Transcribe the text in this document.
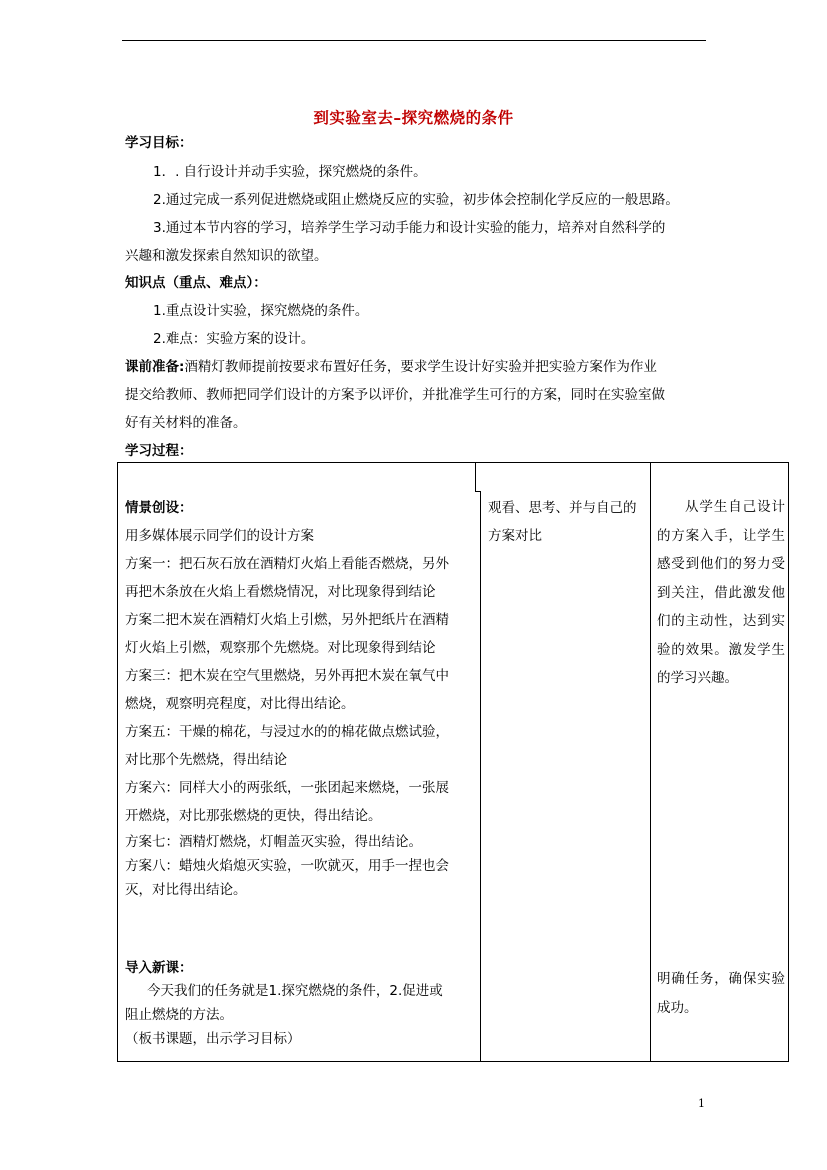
到实验室去–探究燃烧的条件
学习目标：
1．. 自行设计并动手实验，探究燃烧的条件。
2.通过完成一系列促进燃烧或阻止燃烧反应的实验，初步体会控制化学反应的一般思路。
3.通过本节内容的学习，培养学生学习动手能力和设计实验的能力，培养对自然科学的
兴趣和激发探索自然知识的欲望。
知识点（重点、难点）：
1.重点设计实验，探究燃烧的条件。
2.难点：实验方案的设计。
课前准备:酒精灯教师提前按要求布置好任务，要求学生设计好实验并把实验方案作为作业
提交给教师、教师把同学们设计的方案予以评价，并批准学生可行的方案，同时在实验室做
好有关材料的准备。
学习过程：
情景创设：
用多媒体展示同学们的设计方案
方案一：把石灰石放在酒精灯火焰上看能否燃烧，另外
再把木条放在火焰上看燃烧情况，对比现象得到结论
方案二把木炭在酒精灯火焰上引燃，另外把纸片在酒精
灯火焰上引燃，观察那个先燃烧。对比现象得到结论
方案三：把木炭在空气里燃烧，另外再把木炭在氧气中
燃烧，观察明亮程度，对比得出结论。
方案五：干燥的棉花，与浸过水的的棉花做点燃试验，
对比那个先燃烧，得出结论
方案六：同样大小的两张纸，一张团起来燃烧，一张展
开燃烧，对比那张燃烧的更快，得出结论。
方案七：酒精灯燃烧，灯帽盖灭实验，得出结论。
方案八：蜡烛火焰熄灭实验，一吹就灭，用手一捏也会
灭，对比得出结论。
导入新课：
今天我们的任务就是1.探究燃烧的条件，2.促进或
阻止燃烧的方法。
（板书课题，出示学习目标）
观看、思考、并与自己的方案对比
从学生自己设计的方案入手，让学生感受到他们的努力受到关注，借此激发他们的主动性，达到实验的效果。激发学生的学习兴趣。
明确任务，确保实验成功。
1
